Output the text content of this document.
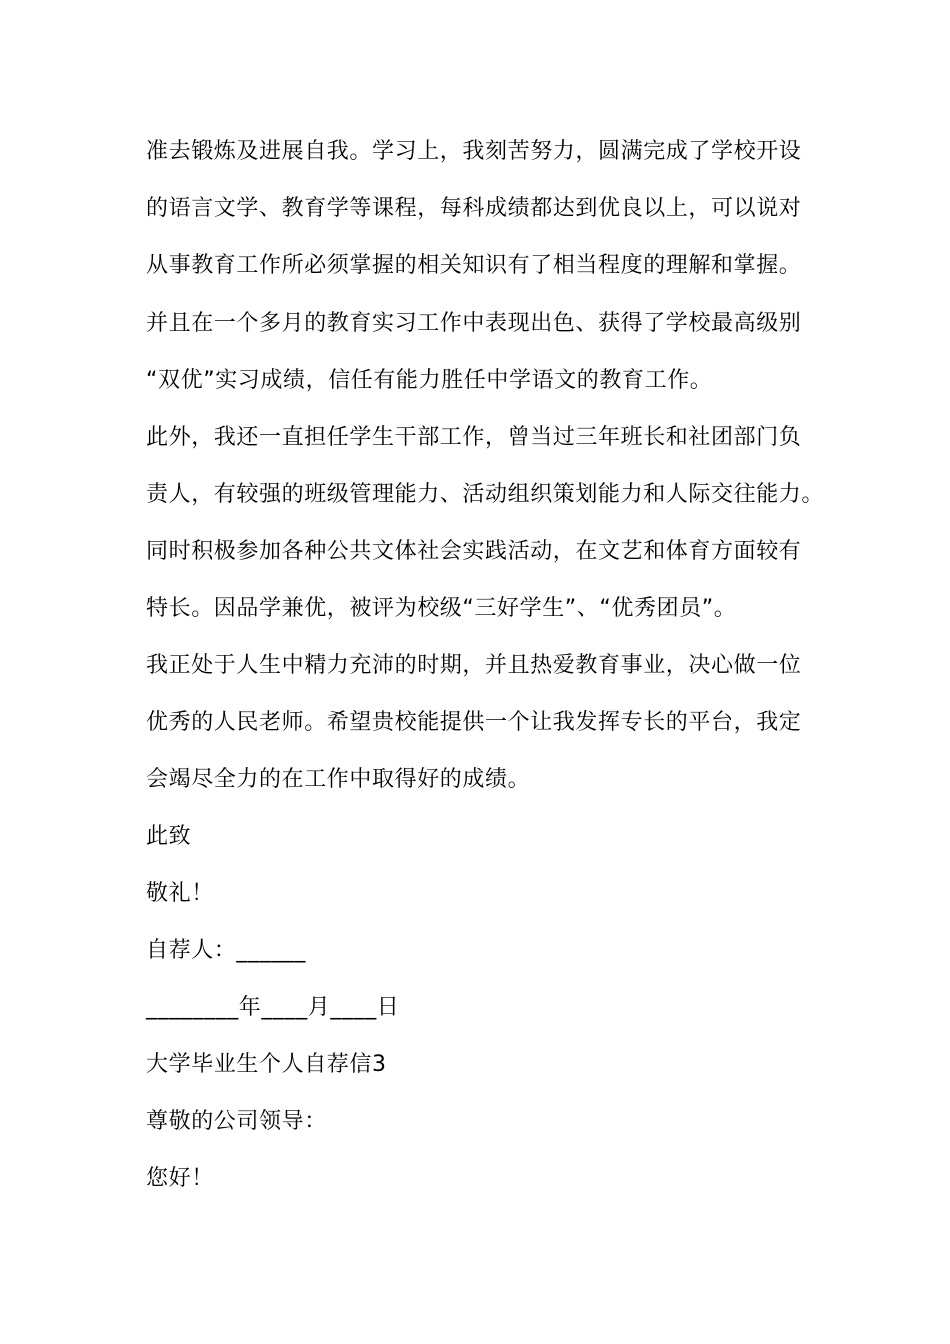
准去锻炼及进展自我。学习上，我刻苦努力，圆满完成了学校开设
的语言文学、教育学等课程，每科成绩都达到优良以上，可以说对
从事教育工作所必须掌握的相关知识有了相当程度的理解和掌握。
并且在一个多月的教育实习工作中表现出色、获得了学校最高级别
“双优”实习成绩，信任有能力胜任中学语文的教育工作。
此外，我还一直担任学生干部工作，曾当过三年班长和社团部门负
责人，有较强的班级管理能力、活动组织策划能力和人际交往能力。
同时积极参加各种公共文体社会实践活动，在文艺和体育方面较有
特长。因品学兼优，被评为校级“三好学生”、“优秀团员”。
我正处于人生中精力充沛的时期，并且热爱教育事业，决心做一位
优秀的人民老师。希望贵校能提供一个让我发挥专长的平台，我定
会竭尽全力的在工作中取得好的成绩。
此致
敬礼！
自荐人：______
________年____月____日
大学毕业生个人自荐信3
尊敬的公司领导：
您好！
